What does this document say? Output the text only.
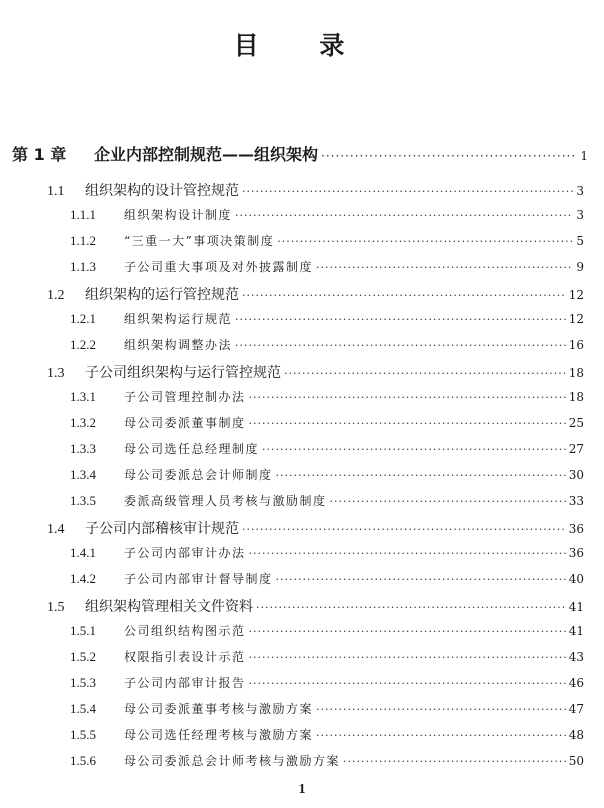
目 录
第 1 章	企业内部控制规范——组织架构 ·····	1
1.1	组织架构的设计管控规范 ·····	3
1.1.1	组织架构设计制度 ·····	3
1.1.2	“三重一大”事项决策制度 ·····	5
1.1.3	子公司重大事项及对外披露制度 ·····	9
1.2	组织架构的运行管控规范 ·····	12
1.2.1	组织架构运行规范 ·····	12
1.2.2	组织架构调整办法 ·····	16
1.3	子公司组织架构与运行管控规范 ·····	18
1.3.1	子公司管理控制办法 ·····	18
1.3.2	母公司委派董事制度 ·····	25
1.3.3	母公司选任总经理制度 ·····	27
1.3.4	母公司委派总会计师制度 ·····	30
1.3.5	委派高级管理人员考核与激励制度 ·····	33
1.4	子公司内部稽核审计规范 ·····	36
1.4.1	子公司内部审计办法 ·····	36
1.4.2	子公司内部审计督导制度 ·····	40
1.5	组织架构管理相关文件资料 ·····	41
1.5.1	公司组织结构图示范 ·····	41
1.5.2	权限指引表设计示范 ·····	43
1.5.3	子公司内部审计报告 ·····	46
1.5.4	母公司委派董事考核与激励方案 ·····	47
1.5.5	母公司选任经理考核与激励方案 ·····	48
1.5.6	母公司委派总会计师考核与激励方案 ·····	50
1
